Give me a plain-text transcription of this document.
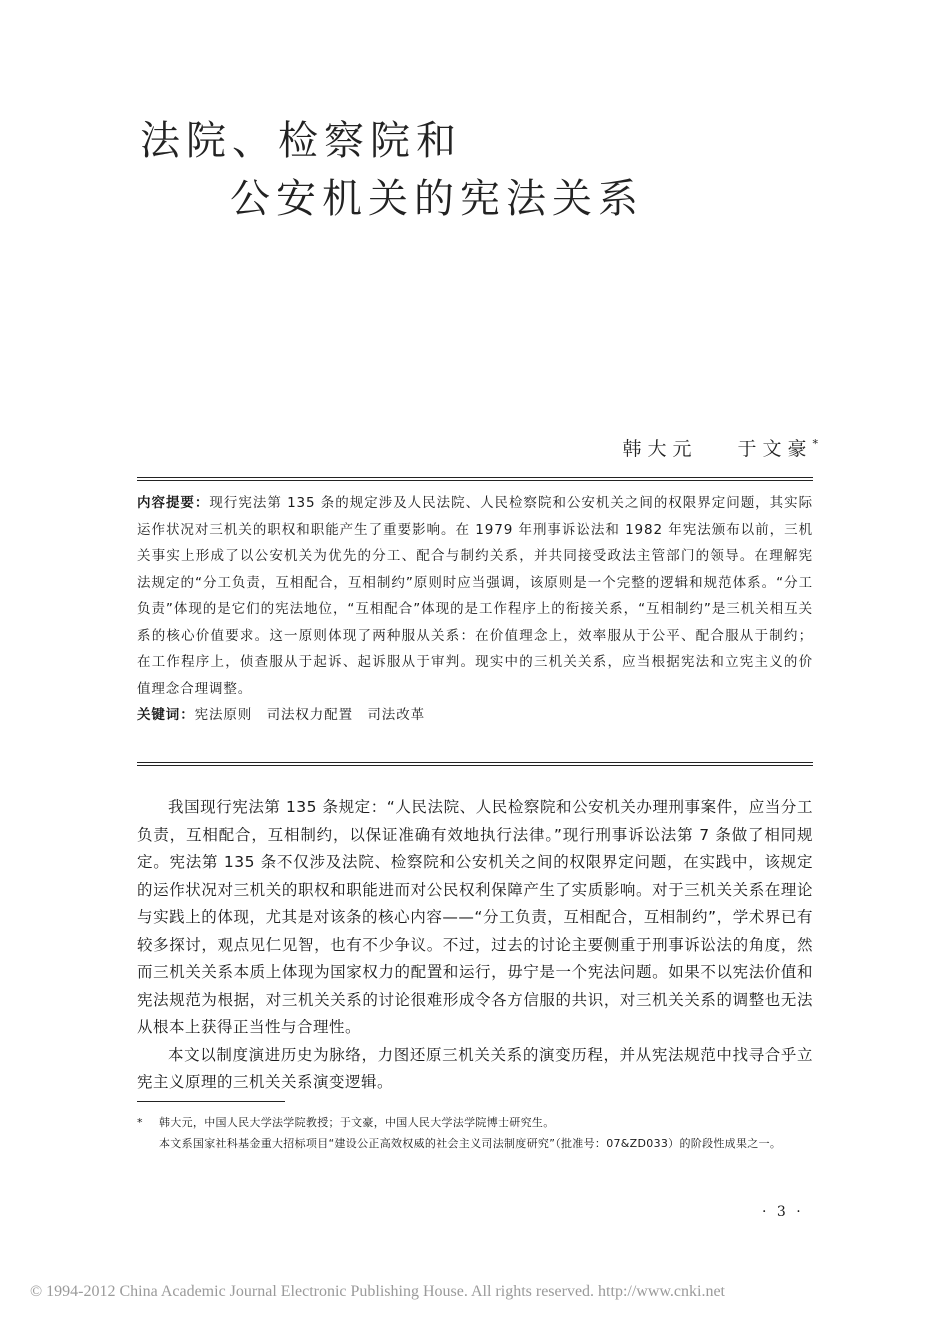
法院、检察院和
公安机关的宪法关系
韩大元 于文豪*
内容提要：现行宪法第 135 条的规定涉及人民法院、人民检察院和公安机关之间的权限界定问题，其实际运作状况对三机关的职权和职能产生了重要影响。在 1979 年刑事诉讼法和 1982 年宪法颁布以前，三机关事实上形成了以公安机关为优先的分工、配合与制约关系，并共同接受政法主管部门的领导。在理解宪法规定的“分工负责，互相配合，互相制约”原则时应当强调，该原则是一个完整的逻辑和规范体系。“分工负责”体现的是它们的宪法地位，“互相配合”体现的是工作程序上的衔接关系，“互相制约”是三机关相互关系的核心价值要求。这一原则体现了两种服从关系：在价值理念上，效率服从于公平、配合服从于制约；在工作程序上，侦查服从于起诉、起诉服从于审判。现实中的三机关关系，应当根据宪法和立宪主义的价值理念合理调整。
关键词：宪法原则　司法权力配置　司法改革

我国现行宪法第 135 条规定：“人民法院、人民检察院和公安机关办理刑事案件，应当分工负责，互相配合，互相制约，以保证准确有效地执行法律。”现行刑事诉讼法第 7 条做了相同规定。宪法第 135 条不仅涉及法院、检察院和公安机关之间的权限界定问题，在实践中，该规定的运作状况对三机关的职权和职能进而对公民权利保障产生了实质影响。对于三机关关系在理论与实践上的体现，尤其是对该条的核心内容——“分工负责，互相配合，互相制约”，学术界已有较多探讨，观点见仁见智，也有不少争议。不过，过去的讨论主要侧重于刑事诉讼法的角度，然而三机关关系本质上体现为国家权力的配置和运行，毋宁是一个宪法问题。如果不以宪法价值和宪法规范为根据，对三机关关系的讨论很难形成令各方信服的共识，对三机关关系的调整也无法从根本上获得正当性与合理性。

本文以制度演进历史为脉络，力图还原三机关关系的演变历程，并从宪法规范中找寻合乎立宪主义原理的三机关关系演变逻辑。

* 韩大元，中国人民大学法学院教授；于文豪，中国人民大学法学院博士研究生。
本文系国家社科基金重大招标项目“建设公正高效权威的社会主义司法制度研究”（批准号：07&ZD033）的阶段性成果之一。
· 3 ·
© 1994-2012 China Academic Journal Electronic Publishing House. All rights reserved. http://www.cnki.net
